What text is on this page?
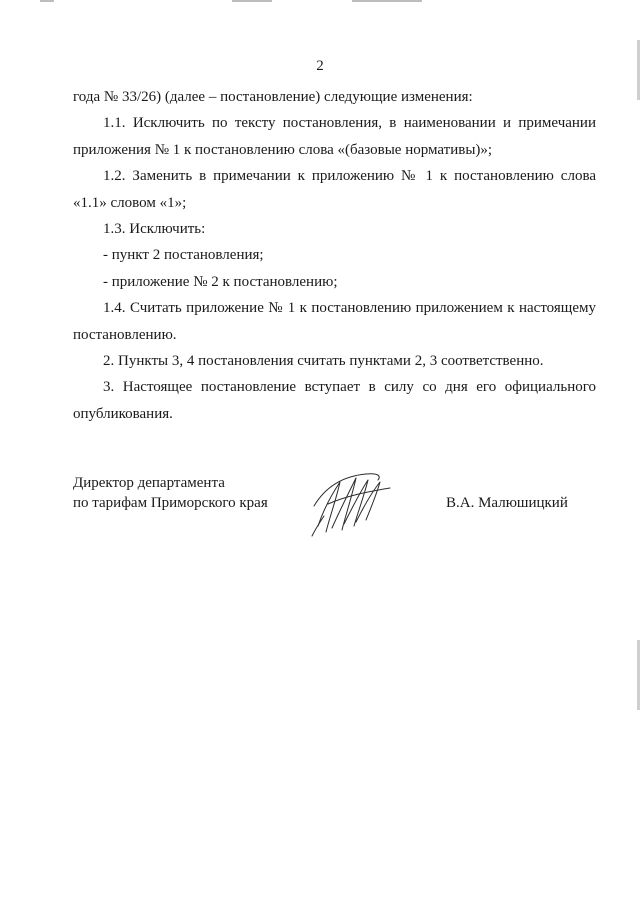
2

года № 33/26) (далее – постановление) следующие изменения:

1.1. Исключить по тексту постановления, в наименовании и примечании приложения № 1 к постановлению слова «(базовые нормативы)»;

1.2. Заменить в примечании к приложению № 1 к постановлению слова «1.1» словом «1»;

1.3. Исключить:

- пункт 2 постановления;

- приложение № 2 к постановлению;

1.4. Считать приложение № 1 к постановлению приложением к настоящему постановлению.

2. Пункты 3, 4 постановления считать пунктами 2, 3 соответственно.

3. Настоящее постановление вступает в силу со дня его официального опубликования.

Директор департамента
по тарифам Приморского края	В.А. Малюшицкий
